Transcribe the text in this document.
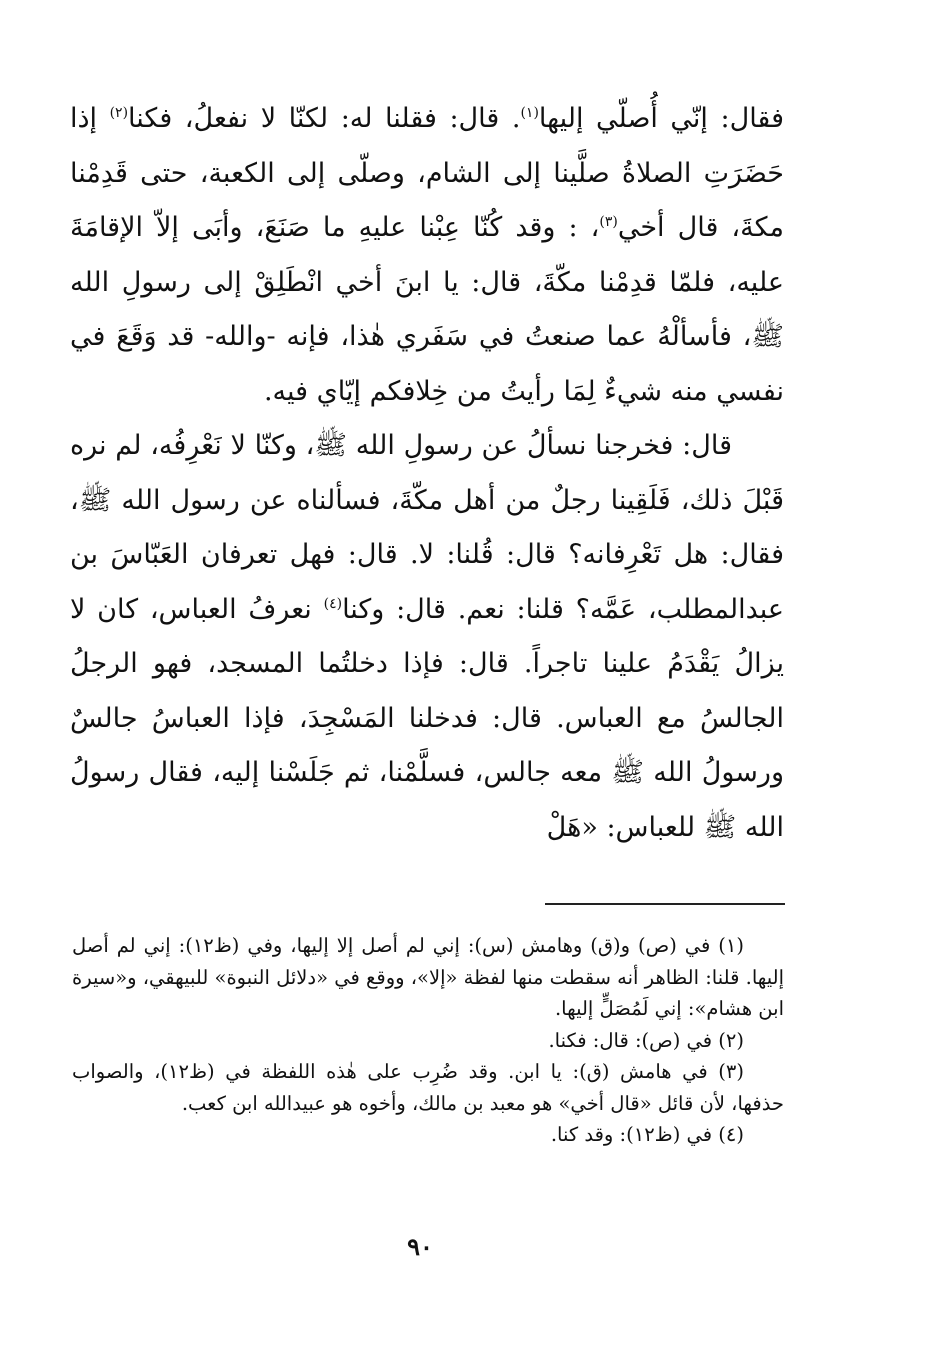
فقال: إنّي أُصلّي إليها$^{(١)}$. قال: فقلنا له: لكنّا لا نفعلُ، فكنا$^{(٢)}$ إذا حَضَرَتِ الصلاةُ صلَّينا إلى الشام، وصلّى إلى الكعبة، حتى قَدِمْنا مكةَ، قال أخي$^{(٣)}$، : وقد كُنّا عِبْنا عليهِ ما صَنَعَ، وأبَى إلاّ الإقامَةَ عليه، فلمّا قدِمْنا مكّةَ، قال: يا ابنَ أخي انْطَلِقْ إلى رسولِ الله ﷺ، فأسألْهُ عما صنعتُ في سَفَري هٰذا، فإنه -والله- قد وَقَعَ في نفسي منه شيءٌ لِمَا رأيتُ من خِلافكم إيّاي فيه.

قال: فخرجنا نسألُ عن رسولِ الله ﷺ، وكنّا لا نَعْرِفُه، لم نره قَبْلَ ذلك، فَلَقِينا رجلٌ من أهل مكّةَ، فسألناه عن رسول الله ﷺ، فقال: هل تَعْرِفانه؟ قال: قُلنا: لا. قال: فهل تعرفان العَبّاسَ بن عبدالمطلب، عَمَّه؟ قلنا: نعم. قال: وكنا$^{(٤)}$ نعرفُ العباس، كان لا يزالُ يَقْدَمُ علينا تاجراً. قال: فإذا دخلتُما المسجد، فهو الرجلُ الجالسُ مع العباس. قال: فدخلنا المَسْجِدَ، فإذا العباسُ جالسٌ ورسولُ الله ﷺ معه جالس، فسلَّمْنا، ثم جَلَسْنا إليه، فقال رسولُ الله ﷺ للعباس: «هَلْ

(١) في (ص) و(ق) وهامش (س): إني لم أصل إلا إليها، وفي (ظ١٢): إني لم أصل إليها. قلنا: الظاهر أنه سقطت منها لفظة «إلا»، ووقع في «دلائل النبوة» للبيهقي، و«سيرة ابن هشام»: إني لَمُصَلٍّ إليها.

(٢) في (ص): قال: فكنا.

(٣) في هامش (ق): يا ابن. وقد ضُرِب على هٰذه اللفظة في (ظ١٢)، والصواب حذفها، لأن قائل «قال أخي» هو معبد بن مالك، وأخوه هو عبيدالله ابن كعب.

(٤) في (ظ١٢): وقد كنا.

٩٠
